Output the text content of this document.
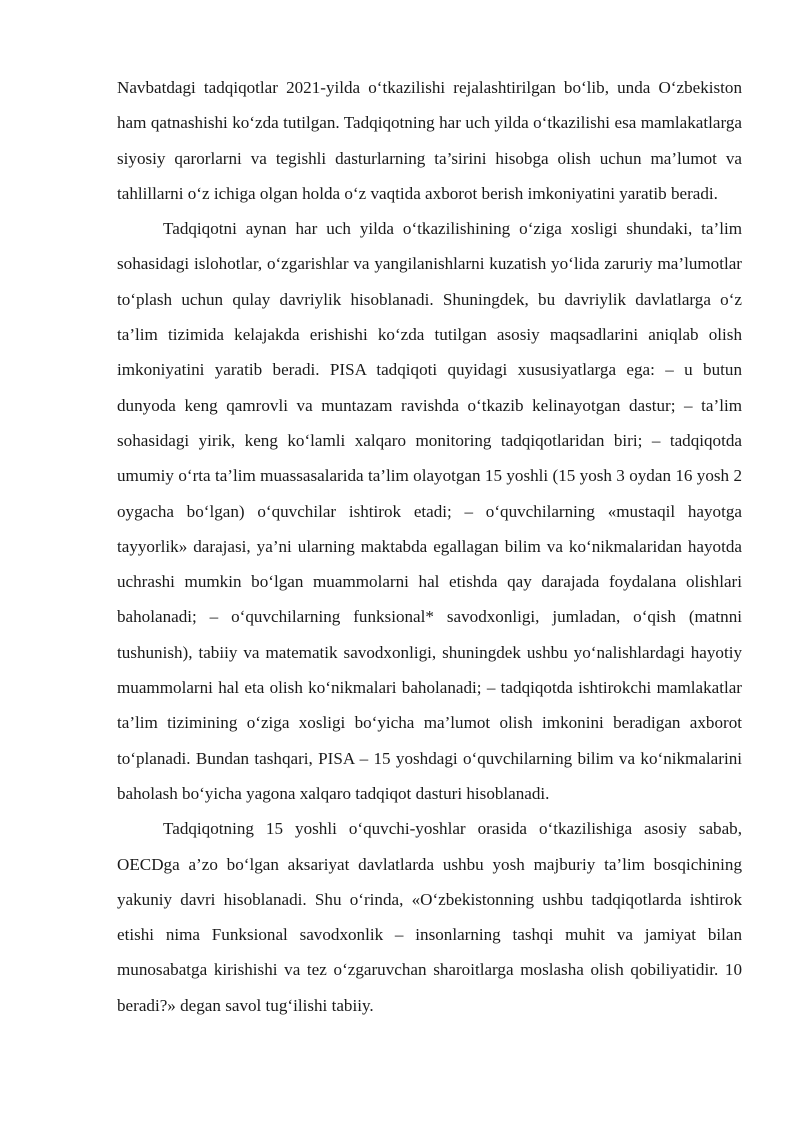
Navbatdagi tadqiqotlar 2021-yilda o‘tkazilishi rejalashtirilgan bo‘lib, unda O‘zbekiston ham qatnashishi ko‘zda tutilgan. Tadqiqotning har uch yilda o‘tkazilishi esa mamlakatlarga siyosiy qarorlarni va tegishli dasturlarning ta’sirini hisobga olish uchun ma’lumot va tahlillarni o‘z ichiga olgan holda o‘z vaqtida axborot berish imkoniyatini yaratib beradi.

Tadqiqotni aynan har uch yilda o‘tkazilishining o‘ziga xosligi shundaki, ta’lim sohasidagi islohotlar, o‘zgarishlar va yangilanishlarni kuzatish yo‘lida zaruriy ma’lumotlar to‘plash uchun qulay davriylik hisoblanadi. Shuningdek, bu davriylik davlatlarga o‘z ta’lim tizimida kelajakda erishishi ko‘zda tutilgan asosiy maqsadlarini aniqlab olish imkoniyatini yaratib beradi. PISA tadqiqoti quyidagi xususiyatlarga ega: – u butun dunyoda keng qamrovli va muntazam ravishda o‘tkazib kelinayotgan dastur; – ta’lim sohasidagi yirik, keng ko‘lamli xalqaro monitoring tadqiqotlaridan biri; – tadqiqotda umumiy o‘rta ta’lim muassasalarida ta’lim olayotgan 15 yoshli (15 yosh 3 oydan 16 yosh 2 oygacha bo‘lgan) o‘quvchilar ishtirok etadi; – o‘quvchilarning «mustaqil hayotga tayyorlik» darajasi, ya’ni ularning maktabda egallagan bilim va ko‘nikmalaridan hayotda uchrashi mumkin bo‘lgan muammolarni hal etishda qay darajada foydalana olishlari baholanadi; – o‘quvchilarning funksional* savodxonligi, jumladan, o‘qish (matnni tushunish), tabiiy va matematik savodxonligi, shuningdek ushbu yo‘nalishlardagi hayotiy muammolarni hal eta olish ko‘nikmalari baholanadi; – tadqiqotda ishtirokchi mamlakatlar ta’lim tizimining o‘ziga xosligi bo‘yicha ma’lumot olish imkonini beradigan axborot to‘planadi. Bundan tashqari, PISA – 15 yoshdagi o‘quvchilarning bilim va ko‘nikmalarini baholash bo‘yicha yagona xalqaro tadqiqot dasturi hisoblanadi.

Tadqiqotning 15 yoshli o‘quvchi-yoshlar orasida o‘tkazilishiga asosiy sabab, OECDga a’zo bo‘lgan aksariyat davlatlarda ushbu yosh majburiy ta’lim bosqichining yakuniy davri hisoblanadi. Shu o‘rinda, «O‘zbekistonning ushbu tadqiqotlarda ishtirok etishi nima Funksional savodxonlik – insonlarning tashqi muhit va jamiyat bilan munosabatga kirishishi va tez o‘zgaruvchan sharoitlarga moslasha olish qobiliyatidir. 10 beradi?» degan savol tug‘ilishi tabiiy.
